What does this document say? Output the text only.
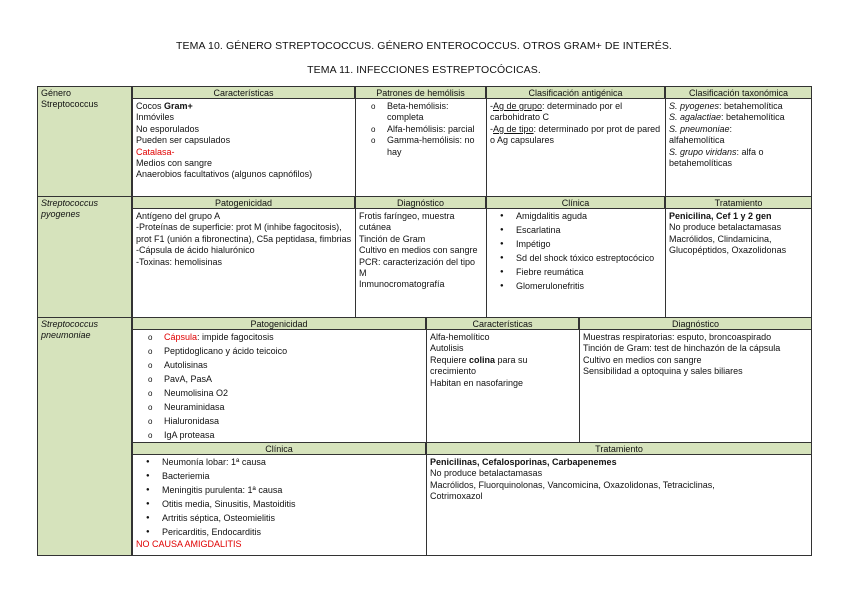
TEMA 10. GÉNERO STREPTOCOCCUS. GÉNERO ENTEROCOCCUS. OTROS GRAM+ DE INTERÉS.
TEMA 11. INFECCIONES ESTREPTOCÓCICAS.
Género
Streptococcus
Características
Cocos Gram+
Inmóviles
No esporulados
Pueden ser capsulados
Catalasa-
Medios con sangre
Anaerobios facultativos (algunos capnófilos)
Patrones de hemólisis
o Beta-hemólisis: completa
o Alfa-hemólisis: parcial
o Gamma-hemólisis: no hay
Clasificación antigénica
-Ag de grupo: determinado por el carbohidrato C
-Ag de tipo: determinado por prot de pared o Ag capsulares
Clasificación taxonómica
S. pyogenes: betahemolítica
S. agalactiae: betahemolítica
S. pneumoniae:
alfahemolítica
S. grupo viridans: alfa o
betahemolíticas
Streptococcus
pyogenes
Patogenicidad
Antígeno del grupo A
-Proteínas de superficie: prot M (inhibe fagocitosis), prot F1 (unión a fibronectina), C5a peptidasa, fimbrias
-Cápsula de ácido hialurónico
-Toxinas: hemolisinas
Diagnóstico
Frotis faríngeo, muestra cutánea
Tinción de Gram
Cultivo en medios con sangre
PCR: caracterización del tipo M
Inmunocromatografía
Clínica
● Amigdalitis aguda
● Escarlatina
● Impétigo
● Sd del shock tóxico estreptocócico
● Fiebre reumática
● Glomerulonefritis
Tratamiento
Penicilina, Cef 1 y 2 gen
No produce betalactamasas
Macrólidos, Clindamicina, Glucopéptidos, Oxazolidonas
Streptococcus
pneumoniae
Patogenicidad
o Cápsula: impide fagocitosis
o Peptidoglicano y ácido teicoico
o Autolisinas
o PavA, PasA
o Neumolisina O2
o Neuraminidasa
o Hialuronidasa
o IgA proteasa
Características
Alfa-hemolítico
Autolisis
Requiere colina para su crecimiento
Habitan en nasofaringe
Diagnóstico
Muestras respiratorias: esputo, broncoaspirado
Tinción de Gram: test de hinchazón de la cápsula
Cultivo en medios con sangre
Sensibilidad a optoquina y sales biliares
Clínica
● Neumonía lobar: 1ª causa
● Bacteriemia
● Meningitis purulenta: 1ª causa
● Otitis media, Sinusitis, Mastoiditis
● Artritis séptica, Osteomielitis
● Pericarditis, Endocarditis
NO CAUSA AMIGDALITIS
Tratamiento
Penicilinas, Cefalosporinas, Carbapenemes
No produce betalactamasas
Macrólidos, Fluorquinolonas, Vancomicina, Oxazolidonas, Tetraciclinas, Cotrimoxazol
